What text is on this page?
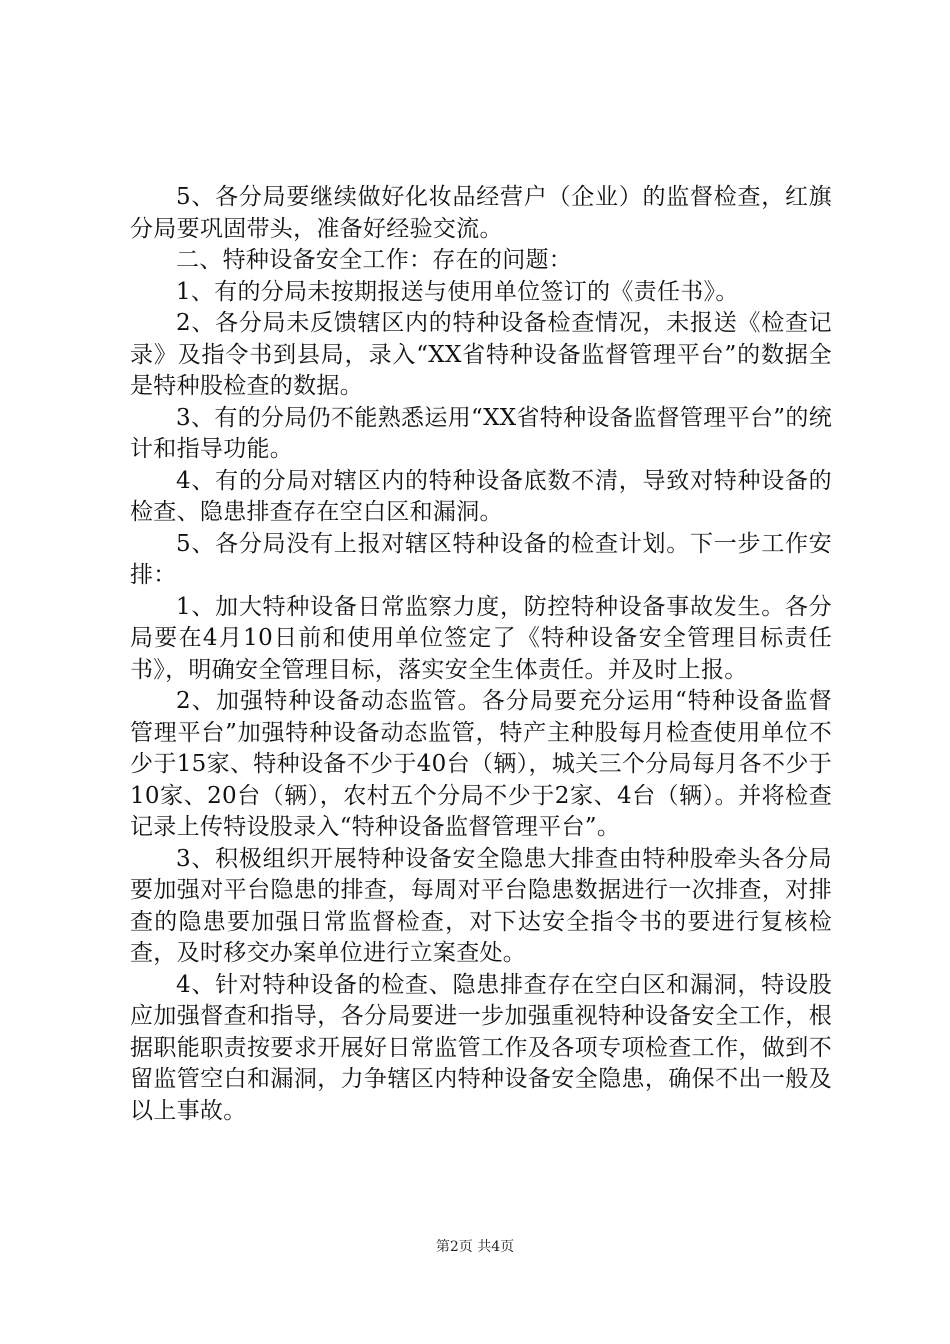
5、各分局要继续做好化妆品经营户（企业）的监督检查，红旗分局要巩固带头，准备好经验交流。

二、特种设备安全工作：存在的问题：

1、有的分局未按期报送与使用单位签订的《责任书》。

2、各分局未反馈辖区内的特种设备检查情况，未报送《检查记录》及指令书到县局，录入“XX省特种设备监督管理平台”的数据全是特种股检查的数据。

3、有的分局仍不能熟悉运用“XX省特种设备监督管理平台”的统计和指导功能。

4、有的分局对辖区内的特种设备底数不清，导致对特种设备的检查、隐患排查存在空白区和漏洞。

5、各分局没有上报对辖区特种设备的检查计划。下一步工作安排：

1、加大特种设备日常监察力度，防控特种设备事故发生。各分局要在4月10日前和使用单位签定了《特种设备安全管理目标责任书》，明确安全管理目标，落实安全生体责任。并及时上报。

2、加强特种设备动态监管。各分局要充分运用“特种设备监督管理平台”加强特种设备动态监管，特产主种股每月检查使用单位不少于15家、特种设备不少于40台（辆），城关三个分局每月各不少于10家、20台（辆），农村五个分局不少于2家、4台（辆）。并将检查记录上传特设股录入“特种设备监督管理平台”。

3、积极组织开展特种设备安全隐患大排查由特种股牵头各分局要加强对平台隐患的排查，每周对平台隐患数据进行一次排查，对排查的隐患要加强日常监督检查，对下达安全指令书的要进行复核检查，及时移交办案单位进行立案查处。

4、针对特种设备的检查、隐患排查存在空白区和漏洞，特设股应加强督查和指导，各分局要进一步加强重视特种设备安全工作，根据职能职责按要求开展好日常监管工作及各项专项检查工作，做到不留监管空白和漏洞，力争辖区内特种设备安全隐患，确保不出一般及以上事故。

第2页 共4页
